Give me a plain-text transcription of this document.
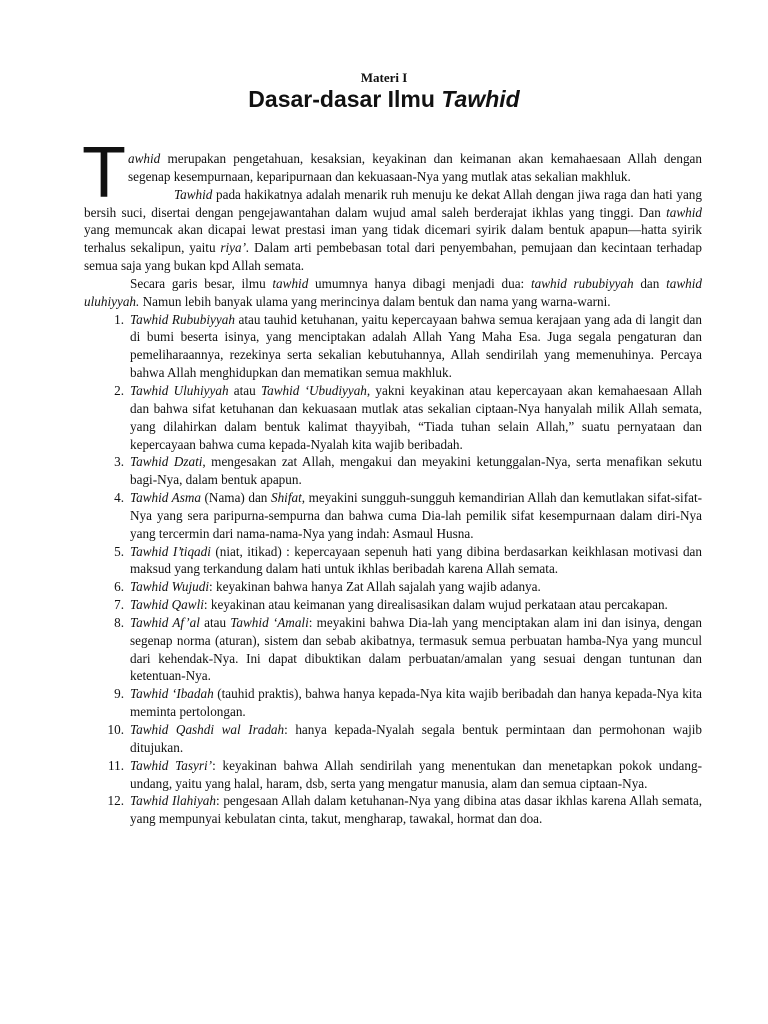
Materi I
Dasar-dasar Ilmu Tawhid

Tawhid merupakan pengetahuan, kesaksian, keyakinan dan keimanan akan kemahaesaan Allah dengan segenap kesempurnaan, keparipurnaan dan kekuasaan-Nya yang mutlak atas sekalian makhluk.

Tawhid pada hakikatnya adalah menarik ruh menuju ke dekat Allah dengan jiwa raga dan hati yang bersih suci, disertai dengan pengejawantahan dalam wujud amal saleh berderajat ikhlas yang tinggi. Dan tawhid yang memuncak akan dicapai lewat prestasi iman yang tidak dicemari syirik dalam bentuk apapun—hatta syirik terhalus sekalipun, yaitu riya’. Dalam arti pembebasan total dari penyembahan, pemujaan dan kecintaan terhadap semua saja yang bukan kpd Allah semata.

Secara garis besar, ilmu tawhid umumnya hanya dibagi menjadi dua: tawhid rububiyyah dan tawhid uluhiyyah. Namun lebih banyak ulama yang merincinya dalam bentuk dan nama yang warna-warni.

1. Tawhid Rububiyyah atau tauhid ketuhanan, yaitu kepercayaan bahwa semua kerajaan yang ada di langit dan di bumi beserta isinya, yang menciptakan adalah Allah Yang Maha Esa. Juga segala pengaturan dan pemeliharaannya, rezekinya serta sekalian kebutuhannya, Allah sendirilah yang memenuhinya. Percaya bahwa Allah menghidupkan dan mematikan semua makhluk.
2. Tawhid Uluhiyyah atau Tawhid ‘Ubudiyyah, yakni keyakinan atau kepercayaan akan kemahaesaan Allah dan bahwa sifat ketuhanan dan kekuasaan mutlak atas sekalian ciptaan-Nya hanyalah milik Allah semata, yang dilahirkan dalam bentuk kalimat thayyibah, “Tiada tuhan selain Allah,” suatu pernyataan dan kepercayaan bahwa cuma kepada-Nyalah kita wajib beribadah.
3. Tawhid Dzati, mengesakan zat Allah, mengakui dan meyakini ketunggalan-Nya, serta menafikan sekutu bagi-Nya, dalam bentuk apapun.
4. Tawhid Asma (Nama) dan Shifat, meyakini sungguh-sungguh kemandirian Allah dan kemutlakan sifat-sifat-Nya yang sera paripurna-sempurna dan bahwa cuma Dia-lah pemilik sifat kesempurnaan dalam diri-Nya yang tercermin dari nama-nama-Nya yang indah: Asmaul Husna.
5. Tawhid I’tiqadi (niat, itikad) : kepercayaan sepenuh hati yang dibina berdasarkan keikhlasan motivasi dan maksud yang terkandung dalam hati untuk ikhlas beribadah karena Allah semata.
6. Tawhid Wujudi: keyakinan bahwa hanya Zat Allah sajalah yang wajib adanya.
7. Tawhid Qawli: keyakinan atau keimanan yang direalisasikan dalam wujud perkataan atau percakapan.
8. Tawhid Af’al atau Tawhid ‘Amali: meyakini bahwa Dia-lah yang menciptakan alam ini dan isinya, dengan segenap norma (aturan), sistem dan sebab akibatnya, termasuk semua perbuatan hamba-Nya yang muncul dari kehendak-Nya. Ini dapat dibuktikan dalam perbuatan/amalan yang sesuai dengan tuntunan dan ketentuan-Nya.
9. Tawhid ‘Ibadah (tauhid praktis), bahwa hanya kepada-Nya kita wajib beribadah dan hanya kepada-Nya kita meminta pertolongan.
10. Tawhid Qashdi wal Iradah: hanya kepada-Nyalah segala bentuk permintaan dan permohonan wajib ditujukan.
11. Tawhid Tasyri’: keyakinan bahwa Allah sendirilah yang menentukan dan menetapkan pokok undang-undang, yaitu yang halal, haram, dsb, serta yang mengatur manusia, alam dan semua ciptaan-Nya.
12. Tawhid Ilahiyah: pengesaan Allah dalam ketuhanan-Nya yang dibina atas dasar ikhlas karena Allah semata, yang mempunyai kebulatan cinta, takut, mengharap, tawakal, hormat dan doa.
